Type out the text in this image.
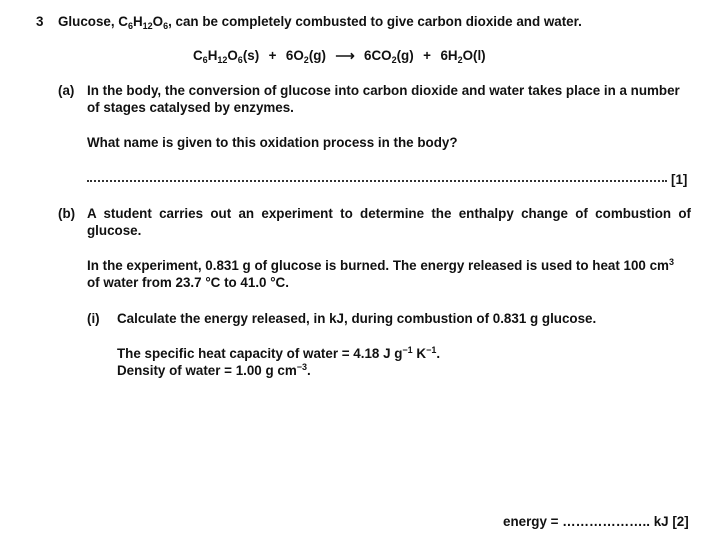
3 Glucose, $C_6H_{12}O_6$, can be completely combusted to give carbon dioxide and water.
$C_6H_{12}O_6(s) + 6O_2(g)$ ⟶ $6CO_2(g) + 6H_2O(l)$
(a) In the body, the conversion of glucose into carbon dioxide and water takes place in a number
of stages catalysed by enzymes.
What name is given to this oxidation process in the body?
[1]
(b) A student carries out an experiment to determine the enthalpy change of combustion of
glucose.
In the experiment, 0.831 g of glucose is burned. The energy released is used to heat 100 $cm^3$
of water from 23.7 °C to 41.0 °C.
(i) Calculate the energy released, in kJ, during combustion of 0.831 g glucose.
The specific heat capacity of water = 4.18 J $g^{-1}$ $K^{-1}$.
Density of water = 1.00 g $cm^{-3}$.
energy = ……………….. kJ [2]
